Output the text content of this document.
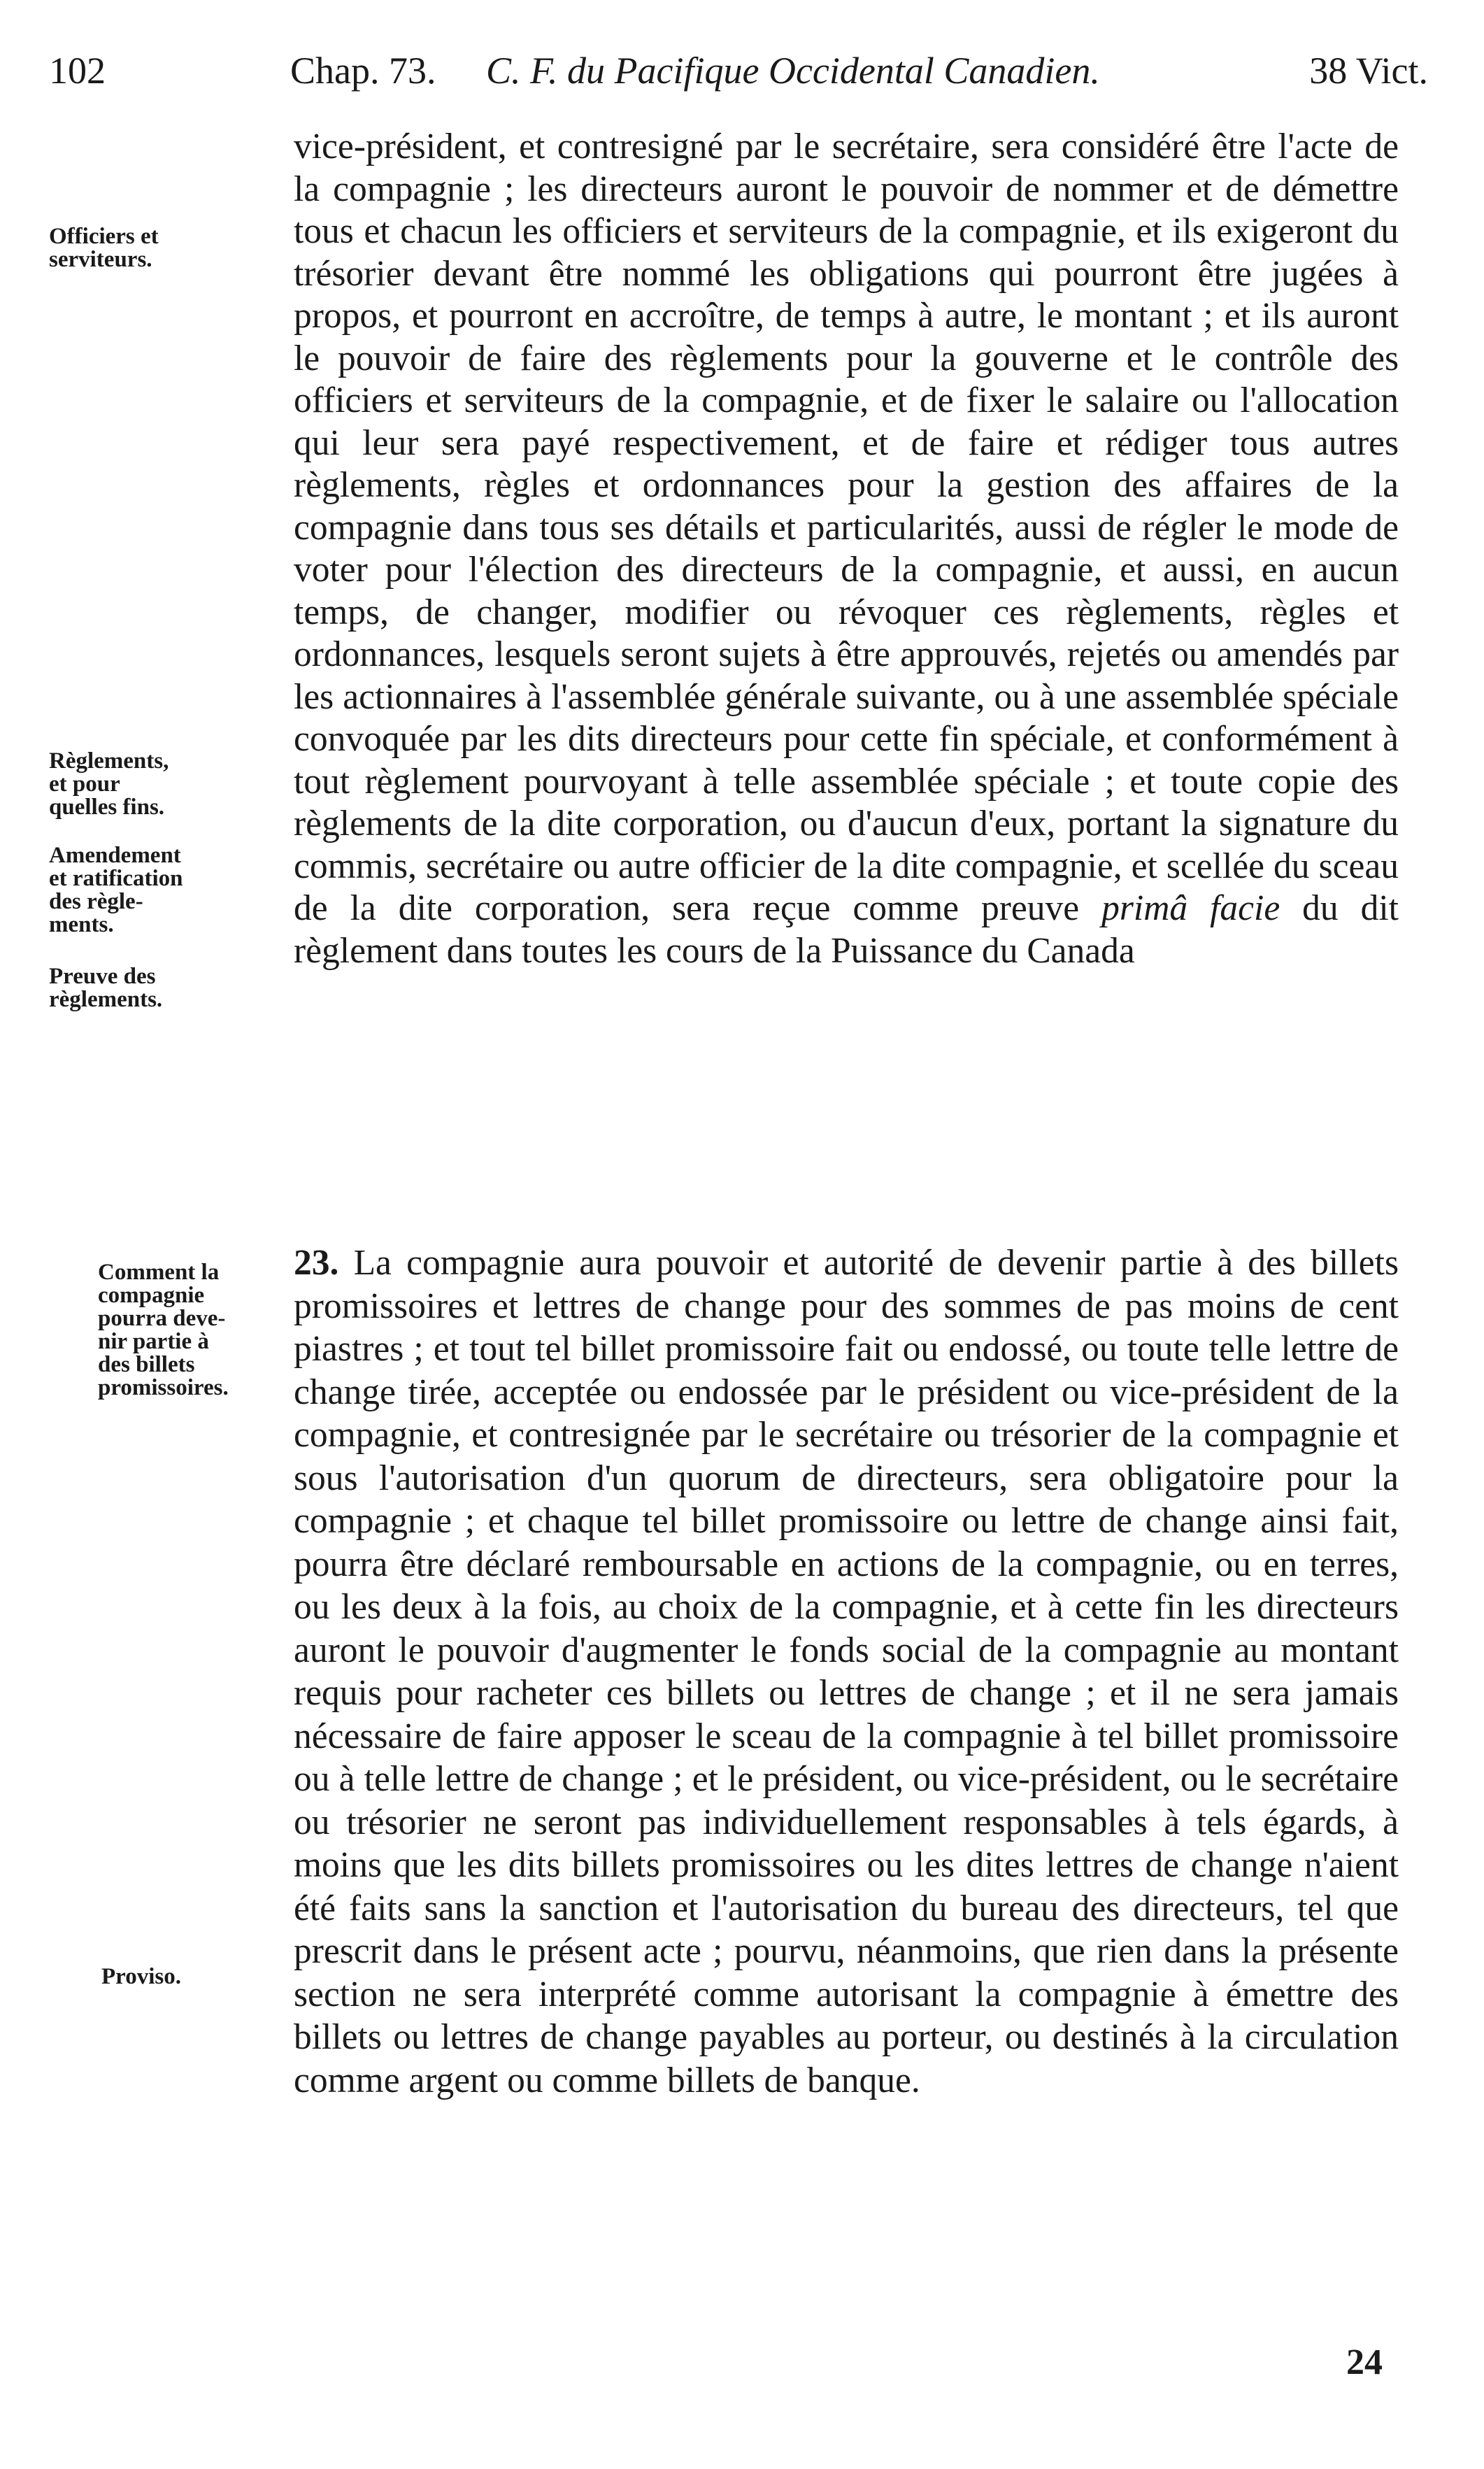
102	Chap. 73. C. F. du Pacifique Occidental Canadien.	38 Vict.
Officiers et
serviteurs.
Règlements,
et pour
quelles fins.
Amendement
et ratification
des règle-
ments.
Preuve des
règlements.
Comment la
compagnie
pourra deve-
nir partie à
des billets
promissoires.
Proviso.

vice-président, et contresigné par le secrétaire, sera considéré être l'acte de la compagnie ; les directeurs auront le pouvoir de nommer et de démettre tous et chacun les officiers et serviteurs de la compagnie, et ils exigeront du trésorier devant être nommé les obligations qui pourront être jugées à propos, et pourront en accroître, de temps à autre, le montant ; et ils auront le pouvoir de faire des règlements pour la gouverne et le contrôle des officiers et serviteurs de la compagnie, et de fixer le salaire ou l'allocation qui leur sera payé respectivement, et de faire et rédiger tous autres règlements, règles et ordonnances pour la gestion des affaires de la compagnie dans tous ses détails et particularités, aussi de régler le mode de voter pour l'élection des directeurs de la compagnie, et aussi, en aucun temps, de changer, modifier ou révoquer ces règlements, règles et ordonnances, lesquels seront sujets à être approuvés, rejetés ou amendés par les actionnaires à l'assemblée générale suivante, ou à une assemblée spéciale convoquée par les dits directeurs pour cette fin spéciale, et conformément à tout règlement pourvoyant à telle assemblée spéciale ; et toute copie des règlements de la dite corporation, ou d'aucun d'eux, portant la signature du commis, secrétaire ou autre officier de la dite compagnie, et scellée du sceau de la dite corporation, sera reçue comme preuve primâ facie du dit règlement dans toutes les cours de la Puissance du Canada

23. La compagnie aura pouvoir et autorité de devenir partie à des billets promissoires et lettres de change pour des sommes de pas moins de cent piastres ; et tout tel billet promissoire fait ou endossé, ou toute telle lettre de change tirée, acceptée ou endossée par le président ou vice-président de la compagnie, et contresignée par le secrétaire ou trésorier de la compagnie et sous l'autorisation d'un quorum de directeurs, sera obligatoire pour la compagnie ; et chaque tel billet promissoire ou lettre de change ainsi fait, pourra être déclaré remboursable en actions de la compagnie, ou en terres, ou les deux à la fois, au choix de la compagnie, et à cette fin les directeurs auront le pouvoir d'augmenter le fonds social de la compagnie au montant requis pour racheter ces billets ou lettres de change ; et il ne sera jamais nécessaire de faire apposer le sceau de la compagnie à tel billet promissoire ou à telle lettre de change ; et le président, ou vice-président, ou le secrétaire ou trésorier ne seront pas individuellement responsables à tels égards, à moins que les dits billets promissoires ou les dites lettres de change n'aient été faits sans la sanction et l'autorisation du bureau des directeurs, tel que prescrit dans le présent acte ; pourvu, néanmoins, que rien dans la présente section ne sera interprété comme autorisant la compagnie à émettre des billets ou lettres de change payables au porteur, ou destinés à la circulation comme argent ou comme billets de banque.

24
